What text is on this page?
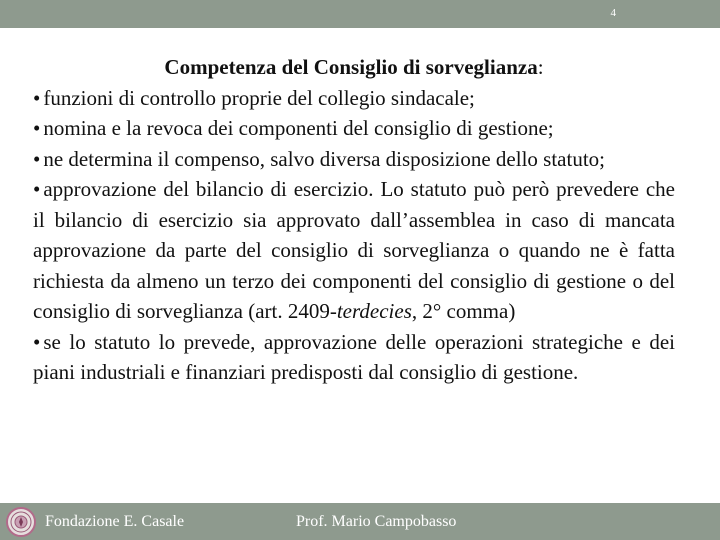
4

Competenza del Consiglio di sorveglianza:

• funzioni di controllo proprie del collegio sindacale;
• nomina e la revoca dei componenti del consiglio di gestione;
• ne determina il compenso, salvo diversa disposizione dello statuto;
• approvazione del bilancio di esercizio. Lo statuto può però prevedere che il bilancio di esercizio sia approvato dall’assemblea in caso di mancata approvazione da parte del consiglio di sorveglianza o quando ne è fatta richiesta da almeno un terzo dei componenti del consiglio di gestione o del consiglio di sorveglianza (art. 2409-terdecies, 2° comma)
• se lo statuto lo prevede, approvazione delle operazioni strategiche e dei piani industriali e finanziari predisposti dal consiglio di gestione.
Fondazione E. Casale	Prof. Mario Campobasso
